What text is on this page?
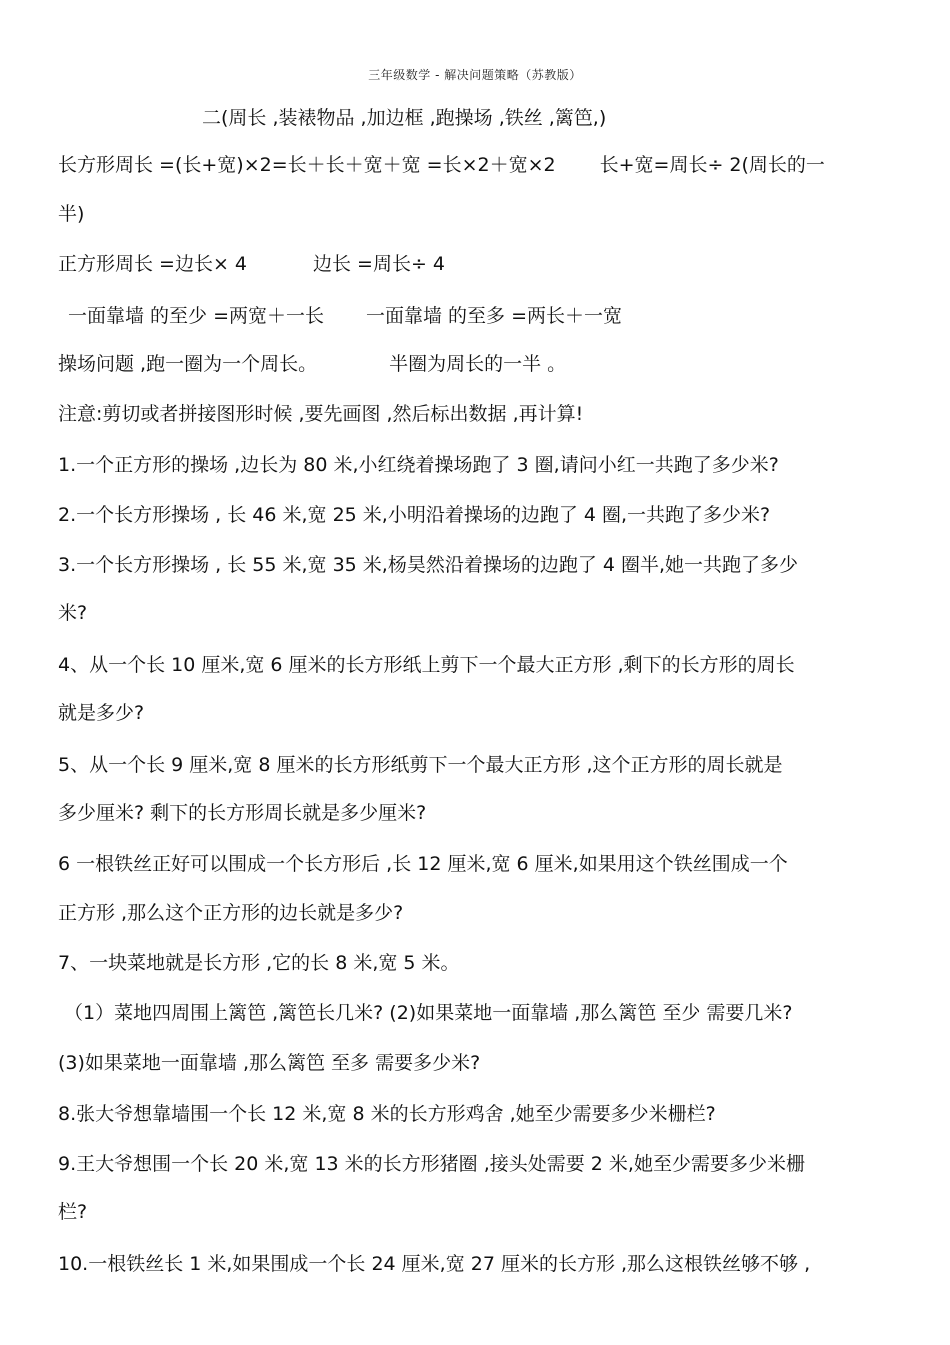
三年级数学 - 解决问题策略（苏教版）
二(周长 ,装裱物品 ,加边框 ,跑操场 ,铁丝 ,篱笆,)
长方形周长 =(长+宽)×2=长＋长＋宽＋宽 =长×2＋宽×2 长+宽=周长÷ 2(周长的一
半)
正方形周长 =边长× 4	边长 =周长÷ 4
一面靠墙 的至少 =两宽＋一长 一面靠墙 的至多 =两长＋一宽
操场问题 ,跑一圈为一个周长。	半圈为周长的一半 。
注意:剪切或者拼接图形时候 ,要先画图 ,然后标出数据 ,再计算!
1.一个正方形的操场 ,边长为 80 米,小红绕着操场跑了 3 圈,请问小红一共跑了多少米?
2.一个长方形操场 , 长 46 米,宽 25 米,小明沿着操场的边跑了 4 圈,一共跑了多少米?
3.一个长方形操场 , 长 55 米,宽 35 米,杨昊然沿着操场的边跑了 4 圈半,她一共跑了多少
米?
4、从一个长 10 厘米,宽 6 厘米的长方形纸上剪下一个最大正方形 ,剩下的长方形的周长
就是多少?
5、从一个长 9 厘米,宽 8 厘米的长方形纸剪下一个最大正方形 ,这个正方形的周长就是
多少厘米? 剩下的长方形周长就是多少厘米?
6 一根铁丝正好可以围成一个长方形后 ,长 12 厘米,宽 6 厘米,如果用这个铁丝围成一个
正方形 ,那么这个正方形的边长就是多少?
7、一块菜地就是长方形 ,它的长 8 米,宽 5 米。
（1）菜地四周围上篱笆 ,篱笆长几米? (2)如果菜地一面靠墙 ,那么篱笆 至少 需要几米?
(3)如果菜地一面靠墙 ,那么篱笆 至多 需要多少米?
8.张大爷想靠墙围一个长 12 米,宽 8 米的长方形鸡舍 ,她至少需要多少米栅栏?
9.王大爷想围一个长 20 米,宽 13 米的长方形猪圈 ,接头处需要 2 米,她至少需要多少米栅
栏?
10.一根铁丝长 1 米,如果围成一个长 24 厘米,宽 27 厘米的长方形 ,那么这根铁丝够不够 ,
